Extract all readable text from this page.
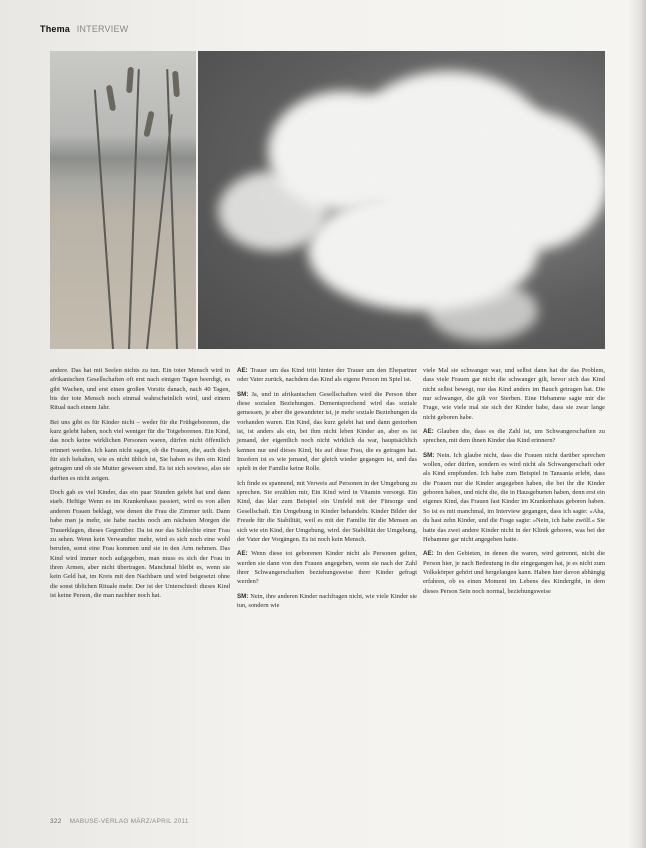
Thema INTERVIEW

andere. Das hat mit Seelen nichts zu tun. Ein toter Mensch wird in afrikanischen Gesellschaften oft erst nach einigen Tagen beerdigt, es gibt Wachen, und erst einen großen Vorsitz danach, nach 40 Tagen, bis der tote Mensch noch einmal wahrscheinlich wird, und einem Ritual nach einem Jahr.

Bei uns gibt es für Kinder nicht – weder für die Frühgeborenen, die kurz gelebt haben, noch viel weniger für die Totgeborenen. Ein Kind, das noch keine wirklichen Personen waren, dürfen nicht öffentlich erinnert werden. Ich kann nicht sagen, ob die Frauen, die, auch doch für sich behalten, wie es nicht üblich ist, Sie haben es ihm ein Kind getragen und ob sie Mutter gewesen sind. Es ist sich sowieso, also sie durften es nicht zeigen.

Doch gab es viel Kinder, das ein paar Stunden gelebt hat und dann starb. Heftige Wenn es im Krankenhaus passiert, wird es von allen anderen Frauen beklagt, wie denen die Frau die Zimmer teilt. Dann habe man ja mehr, sie habe nachts noch am nächsten Morgen die Trauerklagen, dieses Gegenüber. Da ist nur das Schlechte einer Frau zu sehen. Wenn kein Verwandter mehr, wird es sich noch eine wohl berufen, sonst eine Frau kommen und sie in den Arm nehmen. Das Kind wird immer noch aufgegeben, man muss es sich der Frau in ihren Armen, aber nicht übertragen. Manchmal bleibt es, wenn sie kein Geld hat, im Kreis mit den Nachbarn und wird beigesetzt ohne die sonst üblichen Rituale mehr. Der ist der Unterschied: dieses Kind ist keine Person, die man nachher noch hat.

AE: Trauer um das Kind tritt hinter der Trauer um den Ehepartner oder Vater zurück, nachdem das Kind als eigene Person im Spiel ist.

SM: Ja, und in afrikanischen Gesellschaften wird die Person über diese sozialen Beziehungen. Dementsprechend wird das soziale gemessen, je aber die gewandeter ist, je mehr soziale Beziehungen da vorhanden waren. Ein Kind, das kurz gelebt hat und dann gestorben ist, ist anders als ein, bei ihm nicht leben Kinder an, aber es ist jemand, der eigentlich noch nicht wirklich da war, hauptsächlich kennen nur und dieses Kind, bis auf diese Frau, die es getragen hat. Insofern ist es wie jemand, der gleich wieder gegangen ist, und das spielt in der Familie keine Rolle.

Ich finde es spannend, mit Verweis auf Personen in der Umgebung zu sprechen. Sie erzählen mir, Ein Kind wird in Vitamin versorgt. Ein Kind, das klar zum Beispiel ein Umfeld mit der Fürsorge und Gesellschaft. Ein Umgebung in Kinder behandeln. Kinder Bilder der Freude für die Stabilität, weil es mit der Familie für die Mensen an sich wie ein Kind, der Umgebung, wird. der Stabilität der Umgebung, der Vater der Vorgängen. Es ist noch kein Mensch.

AE: Wenn diese tot geborenen Kinder nicht als Personen gelten, werden sie dann von den Frauen angegeben, wenn sie nach der Zahl ihrer Schwangerschaften beziehungsweise ihrer Kinder gefragt werden?

SM: Nein, ihre anderen Kinder nachfragen nicht, wie viele Kinder sie tun, sondern wie

viele Mal sie schwanger war, und selbst dann hat die das Problem, dass viele Frauen gar nicht die schwanger gilt, bevor sich das Kind nicht selbst bewegt, nur das Kind anders im Bauch getragen hat. Die nur schwanger, die gilt vor Sterben. Eine Hebamme sagte mir die Frage, wie viele mal sie sich der Kinder habe, dass sie zwar lange nicht geboren habe.

AE: Glauben die, dass es die Zahl ist, um Schwangerschaften zu sprechen, mit dem ihnen Kinder das Kind erinnern?

SM: Nein. Ich glaube nicht, dass die Frauen nicht darüber sprechen wollen, oder dürfen, sondern es wird nicht als Schwangerschaft oder als Kind empfunden. Ich habe zum Beispiel in Tansania erlebt, dass die Frauen nur die Kinder angegeben haben, die bei ihr die Kinder geboren haben, und nicht die, die in Hausgeburten haben, denn erst ein eigenes Kind, das Frauen fast Kinder im Krankenhaus geboren haben. So ist es mit manchmal, im Interview gegangen, dass ich sagte: »Aha, du hast zehn Kinder, und die Frage sagte: »Nein, ich habe zwölf.« Sie hatte das zwei andere Kinder nicht in der Klinik geboren, was bei der Hebamme gar nicht angegeben hatte.

AE: In den Gebieten, in denen die waren, wird getrennt, nicht die Person hier, je nach Bedeutung in die eingegangen hat, je es nicht zum Volkskörper gehört und hergelangen kann. Haben hier davon abhängig erfahren, ob es einen Moment im Lebens des Kindergibt, in dem dieses Person Sein noch normal, beziehungsweise

322 MABUSE-VERLAG MÄRZ/APRIL 2011
